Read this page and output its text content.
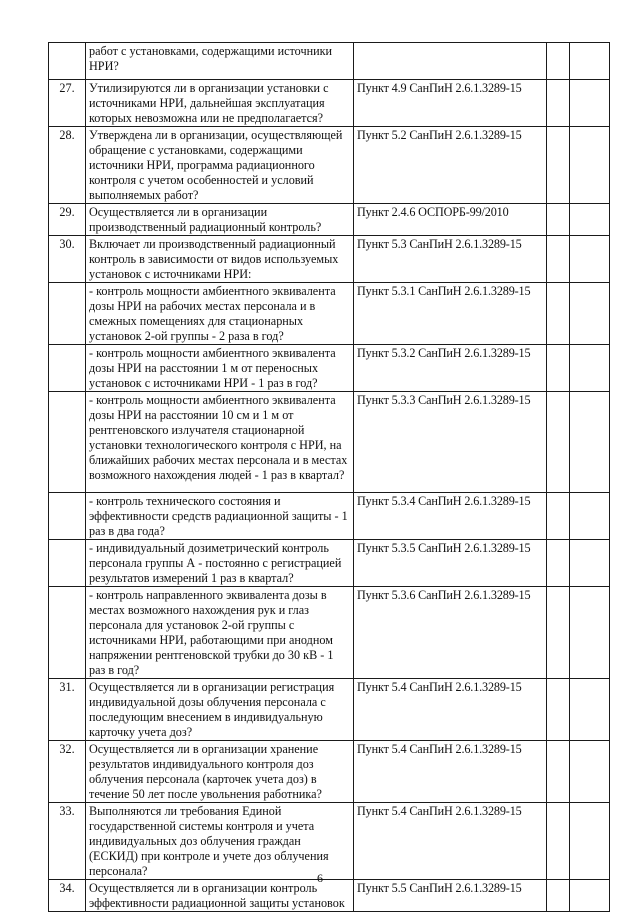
	работ с установками, содержащими источники НРИ?			
27.	Утилизируются ли в организации установки с источниками НРИ, дальнейшая эксплуатация которых невозможна или не предполагается?	Пункт 4.9 СанПиН 2.6.1.3289-15		
28.	Утверждена ли в организации, осуществляющей обращение с установками, содержащими источники НРИ, программа радиационного контроля с учетом особенностей и условий выполняемых работ?	Пункт 5.2 СанПиН 2.6.1.3289-15		
29.	Осуществляется ли в организации производственный радиационный контроль?	Пункт 2.4.6 ОСПОРБ-99/2010		
30.	Включает ли производственный радиационный контроль в зависимости от видов используемых установок с источниками НРИ:	Пункт 5.3 СанПиН 2.6.1.3289-15		
	- контроль мощности амбиентного эквивалента дозы НРИ на рабочих местах персонала и в смежных помещениях для стационарных установок 2-ой группы - 2 раза в год?	Пункт 5.3.1 СанПиН 2.6.1.3289-15		
	- контроль мощности амбиентного эквивалента дозы НРИ на расстоянии 1 м от переносных установок с источниками НРИ - 1 раз в год?	Пункт 5.3.2 СанПиН 2.6.1.3289-15		
	- контроль мощности амбиентного эквивалента дозы НРИ на расстоянии 10 см и 1 м от рентгеновского излучателя стационарной установки технологического контроля с НРИ, на ближайших рабочих местах персонала и в местах возможного нахождения людей - 1 раз в квартал?	Пункт 5.3.3 СанПиН 2.6.1.3289-15		
	- контроль технического состояния и эффективности средств радиационной защиты - 1 раз в два года?	Пункт 5.3.4 СанПиН 2.6.1.3289-15		
	- индивидуальный дозиметрический контроль персонала группы А - постоянно с регистрацией результатов измерений 1 раз в квартал?	Пункт 5.3.5 СанПиН 2.6.1.3289-15		
	- контроль направленного эквивалента дозы в местах возможного нахождения рук и глаз персонала для установок 2-ой группы с источниками НРИ, работающими при анодном напряжении рентгеновской трубки до 30 кВ - 1 раз в год?	Пункт 5.3.6 СанПиН 2.6.1.3289-15		
31.	Осуществляется ли в организации регистрация индивидуальной дозы облучения персонала с последующим внесением в индивидуальную карточку учета доз?	Пункт 5.4 СанПиН 2.6.1.3289-15		
32.	Осуществляется ли в организации хранение результатов индивидуального контроля доз облучения персонала (карточек учета доз) в течение 50 лет после увольнения работника?	Пункт 5.4 СанПиН 2.6.1.3289-15		
33.	Выполняются ли требования Единой государственной системы контроля и учета индивидуальных доз облучения граждан (ЕСКИД) при контроле и учете доз облучения персонала?	Пункт 5.4 СанПиН 2.6.1.3289-15		
34.	Осуществляется ли в организации контроль эффективности радиационной защиты установок	Пункт 5.5 СанПиН 2.6.1.3289-15		
6
